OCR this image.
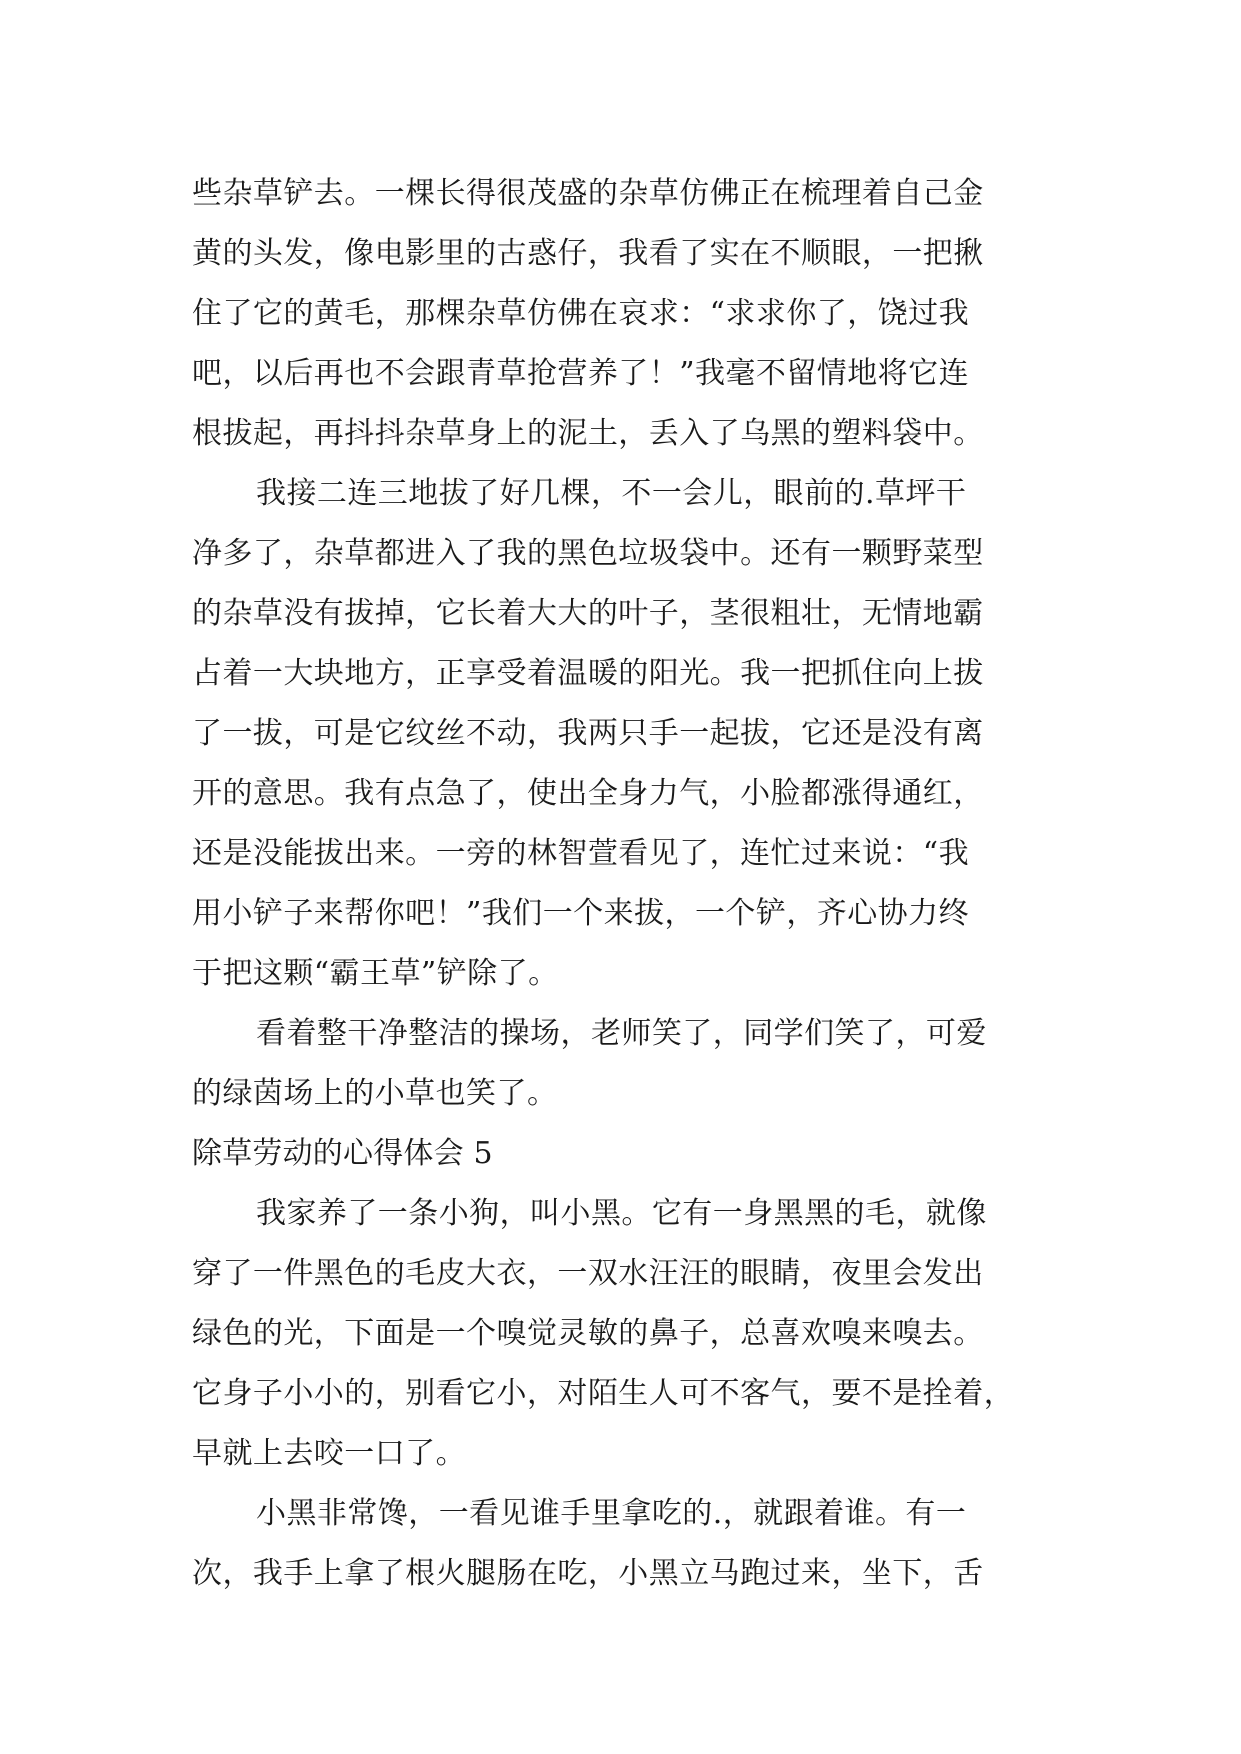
些杂草铲去。一棵长得很茂盛的杂草仿佛正在梳理着自己金
黄的头发，像电影里的古惑仔，我看了实在不顺眼，一把揪
住了它的黄毛，那棵杂草仿佛在哀求：“求求你了，饶过我
吧，以后再也不会跟青草抢营养了！”我毫不留情地将它连
根拔起，再抖抖杂草身上的泥土，丢入了乌黑的塑料袋中。
我接二连三地拔了好几棵，不一会儿，眼前的.草坪干
净多了，杂草都进入了我的黑色垃圾袋中。还有一颗野菜型
的杂草没有拔掉，它长着大大的叶子，茎很粗壮，无情地霸
占着一大块地方，正享受着温暖的阳光。我一把抓住向上拔
了一拔，可是它纹丝不动，我两只手一起拔，它还是没有离
开的意思。我有点急了，使出全身力气，小脸都涨得通红，
还是没能拔出来。一旁的林智萱看见了，连忙过来说：“我
用小铲子来帮你吧！”我们一个来拔，一个铲，齐心协力终
于把这颗“霸王草”铲除了。
看着整干净整洁的操场，老师笑了，同学们笑了，可爱
的绿茵场上的小草也笑了。
除草劳动的心得体会 5
我家养了一条小狗，叫小黑。它有一身黑黑的毛，就像
穿了一件黑色的毛皮大衣，一双水汪汪的眼睛，夜里会发出
绿色的光，下面是一个嗅觉灵敏的鼻子，总喜欢嗅来嗅去。
它身子小小的，别看它小，对陌生人可不客气，要不是拴着，
早就上去咬一口了。
小黑非常馋，一看见谁手里拿吃的.，就跟着谁。有一
次，我手上拿了根火腿肠在吃，小黑立马跑过来，坐下，舌
